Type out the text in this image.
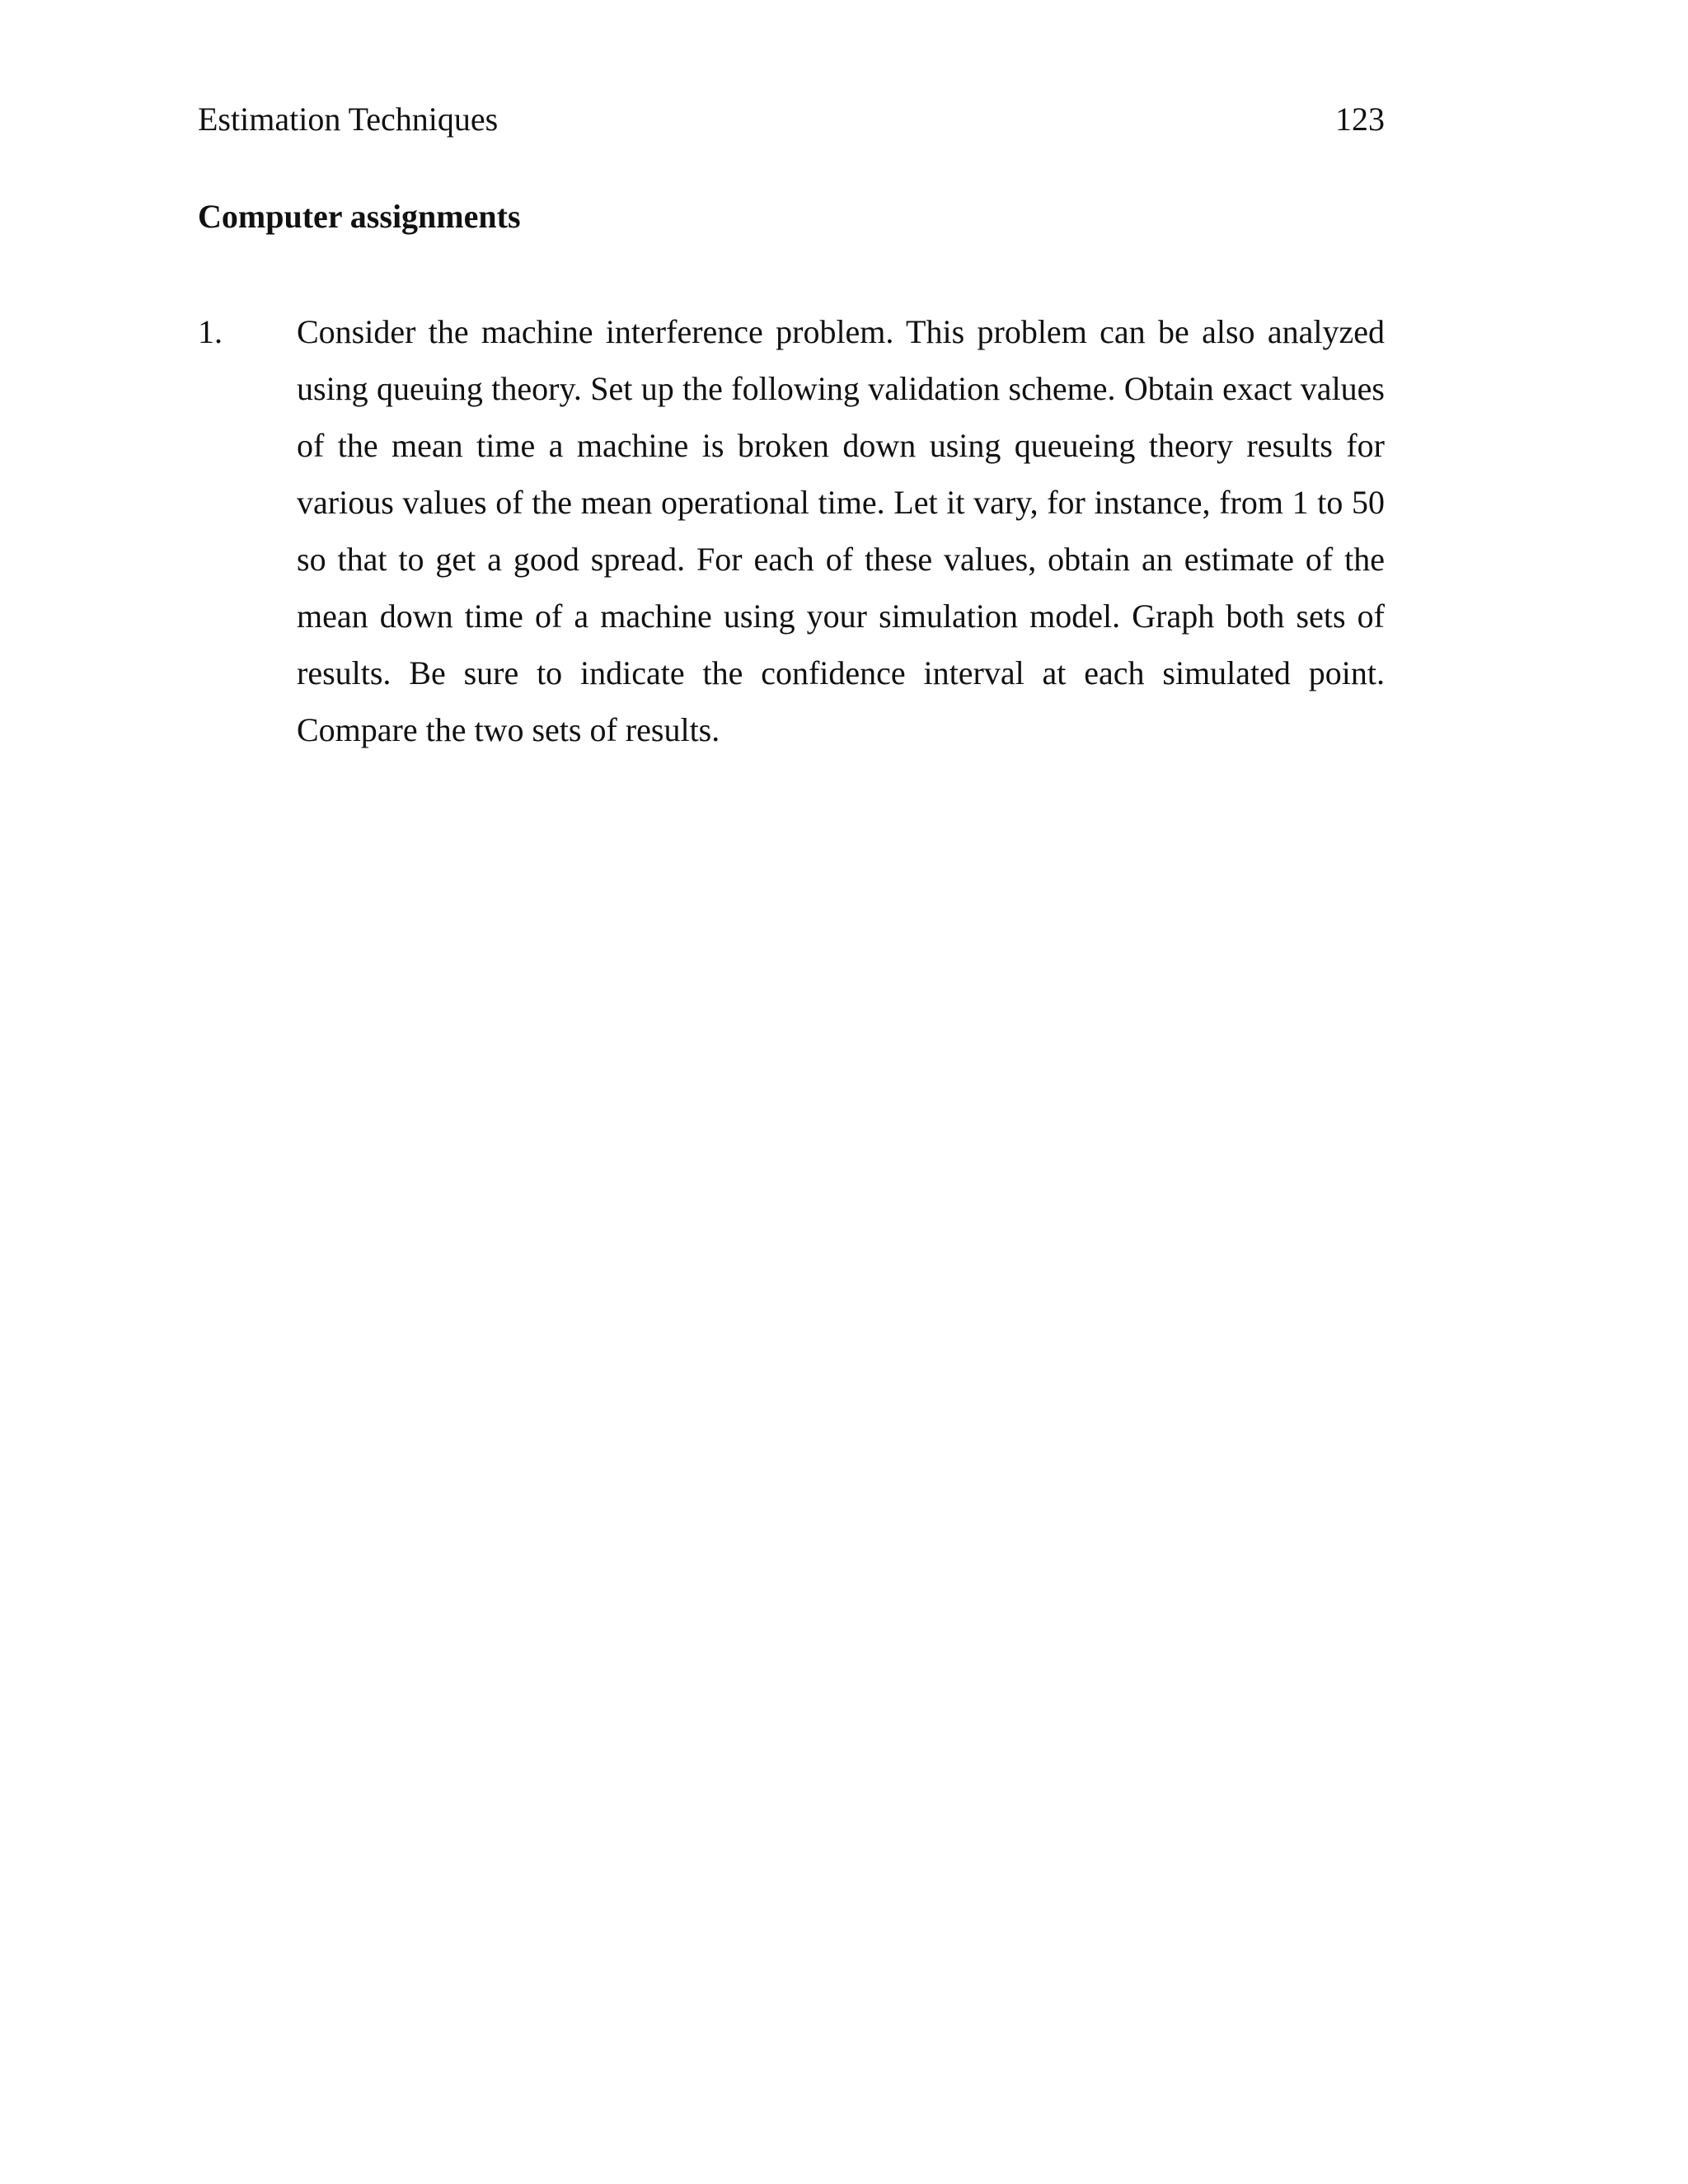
Estimation Techniques	123
Computer assignments
1.	Consider the machine interference problem. This problem can be also analyzed using queuing theory. Set up the following validation scheme. Obtain exact values of the mean time a machine is broken down using queueing theory results for various values of the mean operational time. Let it vary, for instance, from 1 to 50 so that to get a good spread. For each of these values, obtain an estimate of the mean down time of a machine using your simulation model. Graph both sets of results. Be sure to indicate the confidence interval at each simulated point. Compare the two sets of results.
